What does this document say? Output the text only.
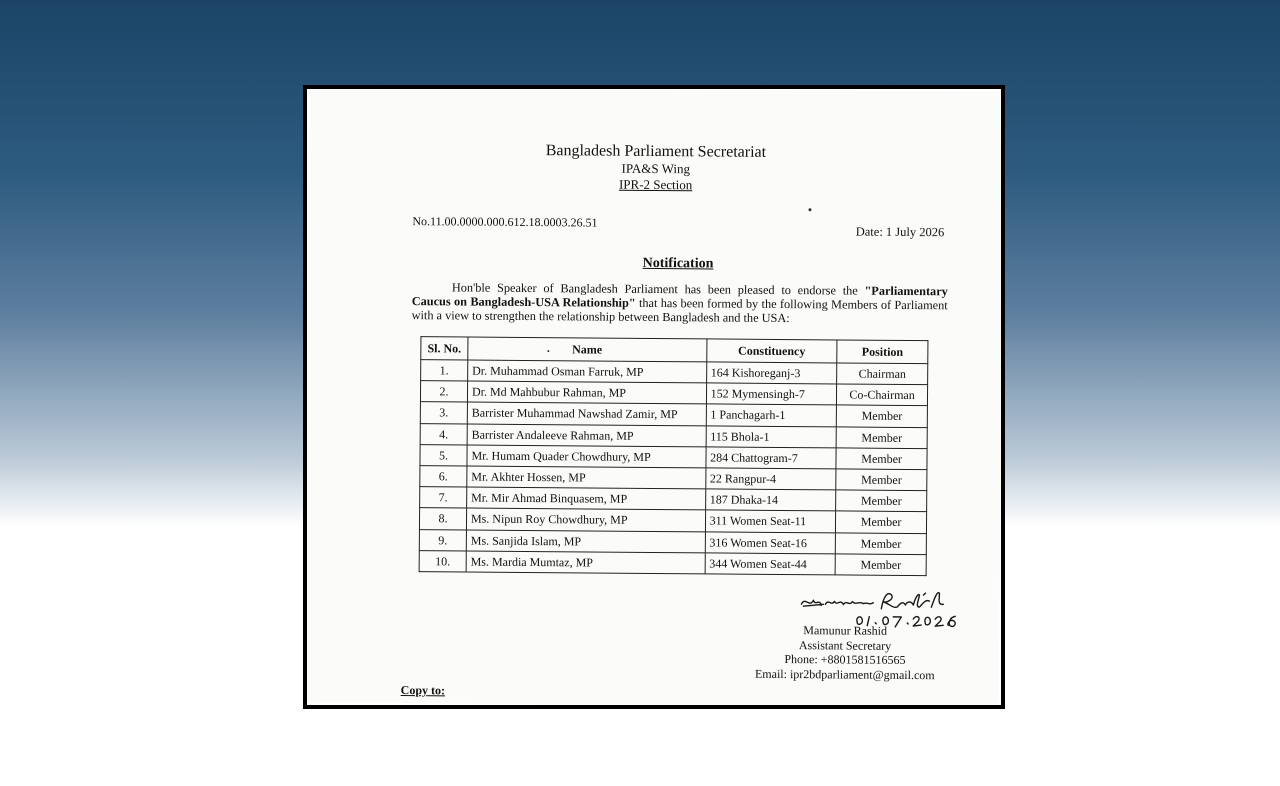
Bangladesh Parliament Secretariat
IPA&S Wing
IPR-2 Section
No.11.00.0000.000.612.18.0003.26.51
Date: 1 July 2026
Notification
Hon'ble Speaker of Bangladesh Parliament has been pleased to endorse the "Parliamentary Caucus on Bangladesh-USA Relationship" that has been formed by the following Members of Parliament with a view to strengthen the relationship between Bangladesh and the USA:
Sl. No.	Name	Constituency	Position
1.	Dr. Muhammad Osman Farruk, MP	164 Kishoreganj-3	Chairman
2.	Dr. Md Mahbubur Rahman, MP	152 Mymensingh-7	Co-Chairman
3.	Barrister Muhammad Nawshad Zamir, MP	1 Panchagarh-1	Member
4.	Barrister Andaleeve Rahman, MP	115 Bhola-1	Member
5.	Mr. Humam Quader Chowdhury, MP	284 Chattogram-7	Member
6.	Mr. Akhter Hossen, MP	22 Rangpur-4	Member
7.	Mr. Mir Ahmad Binquasem, MP	187 Dhaka-14	Member
8.	Ms. Nipun Roy Chowdhury, MP	311 Women Seat-11	Member
9.	Ms. Sanjida Islam, MP	316 Women Seat-16	Member
10.	Ms. Mardia Mumtaz, MP	344 Women Seat-44	Member
Mamunur Rashid
Assistant Secretary
Phone: +8801581516565
Email: ipr2bdparliament@gmail.com
Copy to:
